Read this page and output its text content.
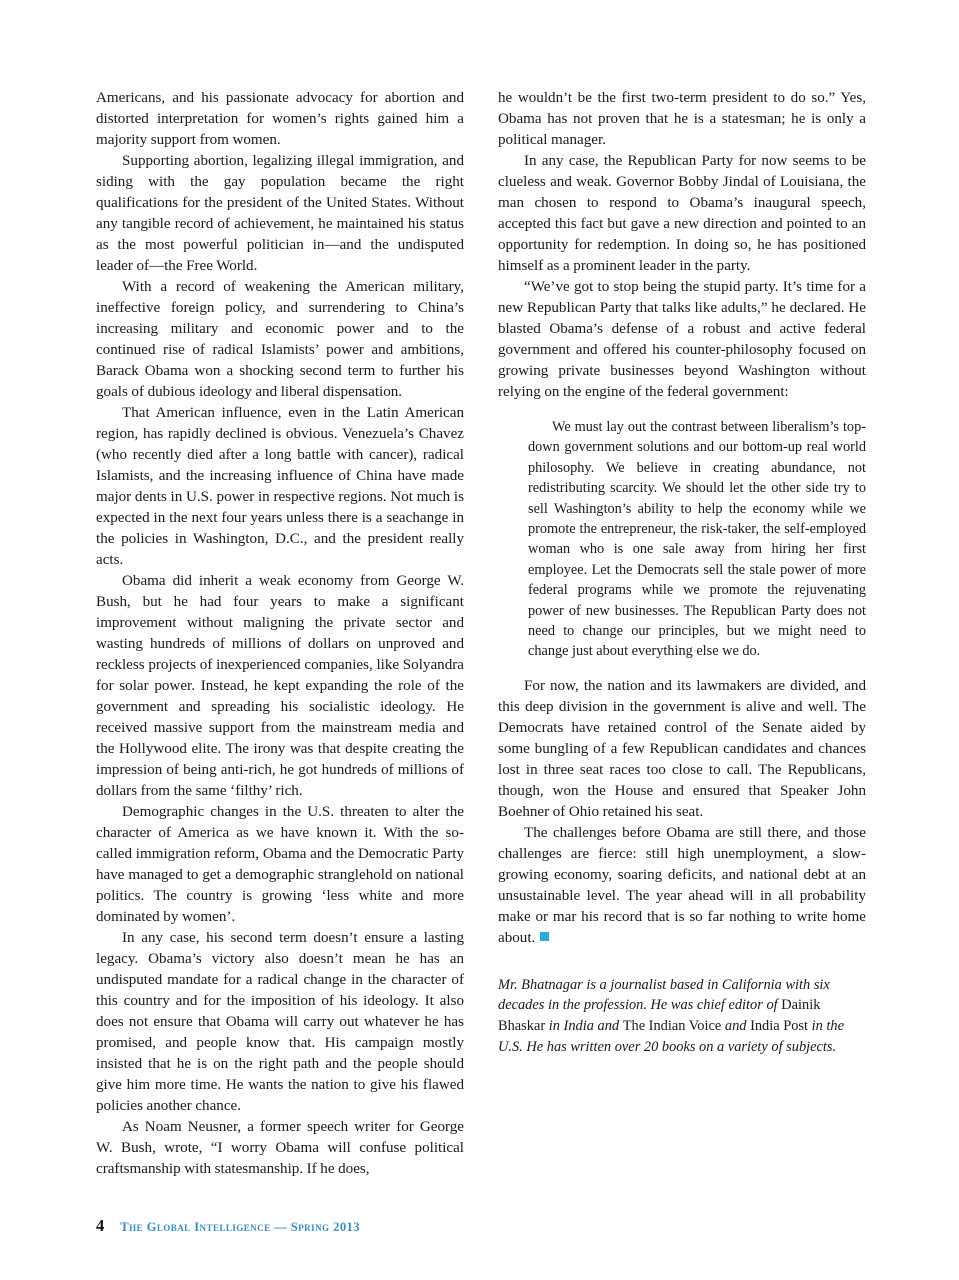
Americans, and his passionate advocacy for abortion and distorted interpretation for women’s rights gained him a majority support from women.

Supporting abortion, legalizing illegal immigration, and siding with the gay population became the right qualifications for the president of the United States. Without any tangible record of achievement, he maintained his status as the most powerful politician in—and the undisputed leader of—the Free World.

With a record of weakening the American military, ineffective foreign policy, and surrendering to China’s increasing military and economic power and to the continued rise of radical Islamists’ power and ambitions, Barack Obama won a shocking second term to further his goals of dubious ideology and liberal dispensation.

That American influence, even in the Latin American region, has rapidly declined is obvious. Venezuela’s Chavez (who recently died after a long battle with cancer), radical Islamists, and the increasing influence of China have made major dents in U.S. power in respective regions. Not much is expected in the next four years unless there is a seachange in the policies in Washington, D.C., and the president really acts.

Obama did inherit a weak economy from George W. Bush, but he had four years to make a significant improvement without maligning the private sector and wasting hundreds of millions of dollars on unproved and reckless projects of inexperienced companies, like Solyandra for solar power. Instead, he kept expanding the role of the government and spreading his socialistic ideology. He received massive support from the mainstream media and the Hollywood elite. The irony was that despite creating the impression of being anti-rich, he got hundreds of millions of dollars from the same ‘filthy’ rich.

Demographic changes in the U.S. threaten to alter the character of America as we have known it. With the so-called immigration reform, Obama and the Democratic Party have managed to get a demographic stranglehold on national politics. The country is growing ‘less white and more dominated by women’.

In any case, his second term doesn’t ensure a lasting legacy. Obama’s victory also doesn’t mean he has an undisputed mandate for a radical change in the character of this country and for the imposition of his ideology. It also does not ensure that Obama will carry out whatever he has promised, and people know that. His campaign mostly insisted that he is on the right path and the people should give him more time. He wants the nation to give his flawed policies another chance.

As Noam Neusner, a former speech writer for George W. Bush, wrote, “I worry Obama will confuse political craftsmanship with statesmanship. If he does,

he wouldn’t be the first two-term president to do so.” Yes, Obama has not proven that he is a statesman; he is only a political manager.

In any case, the Republican Party for now seems to be clueless and weak. Governor Bobby Jindal of Louisiana, the man chosen to respond to Obama’s inaugural speech, accepted this fact but gave a new direction and pointed to an opportunity for redemption. In doing so, he has positioned himself as a prominent leader in the party.

“We’ve got to stop being the stupid party. It’s time for a new Republican Party that talks like adults,” he declared. He blasted Obama’s defense of a robust and active federal government and offered his counter-philosophy focused on growing private businesses beyond Washington without relying on the engine of the federal government:

We must lay out the contrast between liberalism’s top-down government solutions and our bottom-up real world philosophy. We believe in creating abundance, not redistributing scarcity. We should let the other side try to sell Washington’s ability to help the economy while we promote the entrepreneur, the risk-taker, the self-employed woman who is one sale away from hiring her first employee. Let the Democrats sell the stale power of more federal programs while we promote the rejuvenating power of new businesses. The Republican Party does not need to change our principles, but we might need to change just about everything else we do.

For now, the nation and its lawmakers are divided, and this deep division in the government is alive and well. The Democrats have retained control of the Senate aided by some bungling of a few Republican candidates and chances lost in three seat races too close to call. The Republicans, though, won the House and ensured that Speaker John Boehner of Ohio retained his seat.

The challenges before Obama are still there, and those challenges are fierce: still high unemployment, a slow-growing economy, soaring deficits, and national debt at an unsustainable level. The year ahead will in all probability make or mar his record that is so far nothing to write home about.

Mr. Bhatnagar is a journalist based in California with six decades in the profession. He was chief editor of Dainik Bhaskar in India and The Indian Voice and India Post in the U.S. He has written over 20 books on a variety of subjects.

4 The Global Intelligence — Spring 2013
